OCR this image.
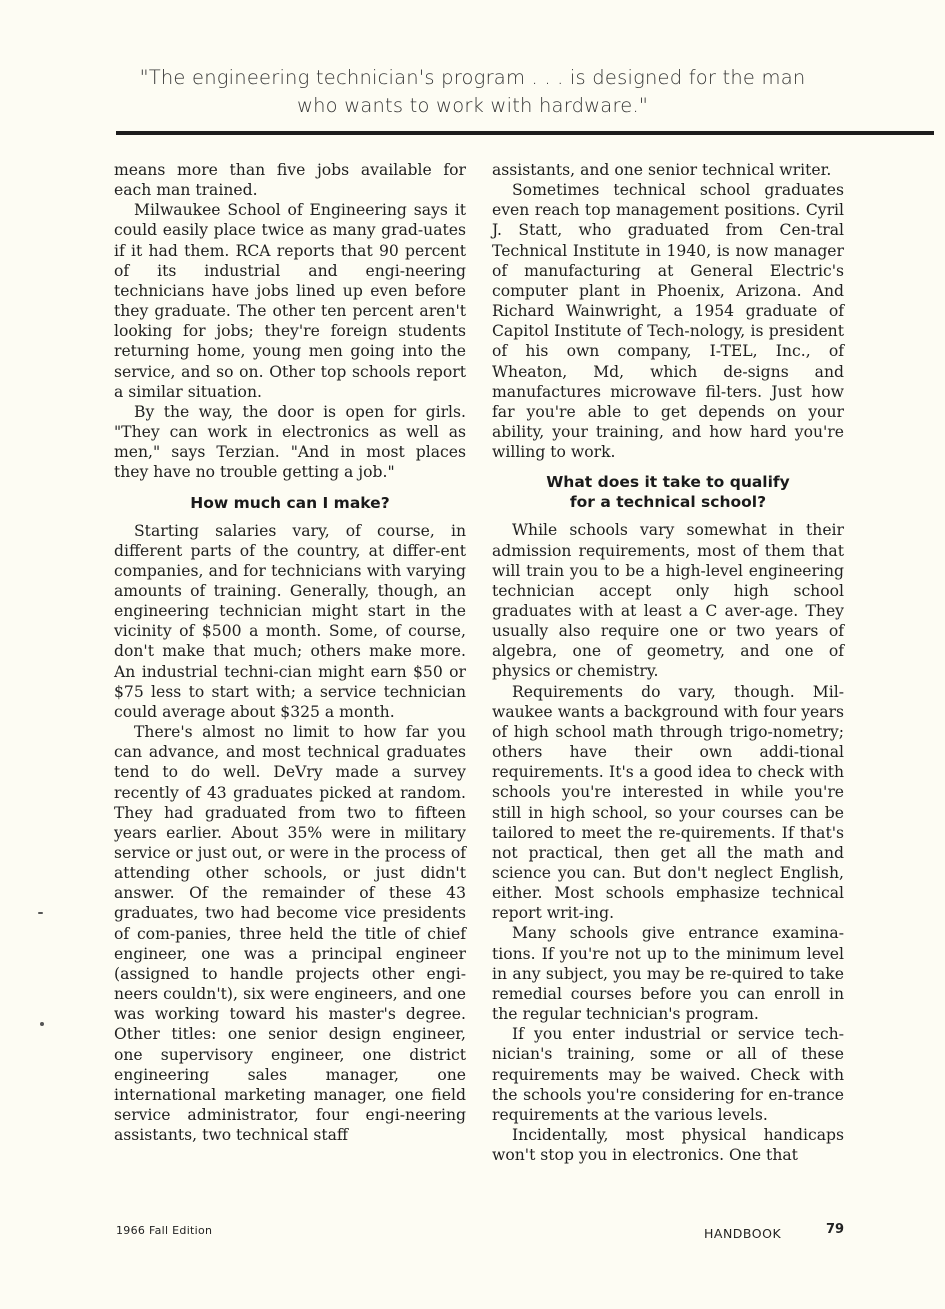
"The engineering technician's program . . . is designed for the man
who wants to work with hardware."

means more than five jobs available for each man trained.

Milwaukee School of Engineering says it could easily place twice as many grad-uates if it had them. RCA reports that 90 percent of its industrial and engi-neering technicians have jobs lined up even before they graduate. The other ten percent aren't looking for jobs; they're foreign students returning home, young men going into the service, and so on. Other top schools report a similar situation.

By the way, the door is open for girls. "They can work in electronics as well as men," says Terzian. "And in most places they have no trouble getting a job."

How much can I make?

Starting salaries vary, of course, in different parts of the country, at differ-ent companies, and for technicians with varying amounts of training. Generally, though, an engineering technician might start in the vicinity of $500 a month. Some, of course, don't make that much; others make more. An industrial techni-cian might earn $50 or $75 less to start with; a service technician could average about $325 a month.

There's almost no limit to how far you can advance, and most technical graduates tend to do well. DeVry made a survey recently of 43 graduates picked at random. They had graduated from two to fifteen years earlier. About 35% were in military service or just out, or were in the process of attending other schools, or just didn't answer. Of the remainder of these 43 graduates, two had become vice presidents of com-panies, three held the title of chief engineer, one was a principal engineer (assigned to handle projects other engi-neers couldn't), six were engineers, and one was working toward his master's degree. Other titles: one senior design engineer, one supervisory engineer, one district engineering sales manager, one international marketing manager, one field service administrator, four engi-neering assistants, two technical staff

assistants, and one senior technical writer.

Sometimes technical school graduates even reach top management positions. Cyril J. Statt, who graduated from Cen-tral Technical Institute in 1940, is now manager of manufacturing at General Electric's computer plant in Phoenix, Arizona. And Richard Wainwright, a 1954 graduate of Capitol Institute of Tech-nology, is president of his own company, I-TEL, Inc., of Wheaton, Md, which de-signs and manufactures microwave fil-ters. Just how far you're able to get depends on your ability, your training, and how hard you're willing to work.

What does it take to qualify
for a technical school?

While schools vary somewhat in their admission requirements, most of them that will train you to be a high-level engineering technician accept only high school graduates with at least a C aver-age. They usually also require one or two years of algebra, one of geometry, and one of physics or chemistry.

Requirements do vary, though. Mil-waukee wants a background with four years of high school math through trigo-nometry; others have their own addi-tional requirements. It's a good idea to check with schools you're interested in while you're still in high school, so your courses can be tailored to meet the re-quirements. If that's not practical, then get all the math and science you can. But don't neglect English, either. Most schools emphasize technical report writ-ing.

Many schools give entrance examina-tions. If you're not up to the minimum level in any subject, you may be re-quired to take remedial courses before you can enroll in the regular technician's program.

If you enter industrial or service tech-nician's training, some or all of these requirements may be waived. Check with the schools you're considering for en-trance requirements at the various levels.

Incidentally, most physical handicaps won't stop you in electronics. One that

1966 Fall Edition	HANDBOOK	79
